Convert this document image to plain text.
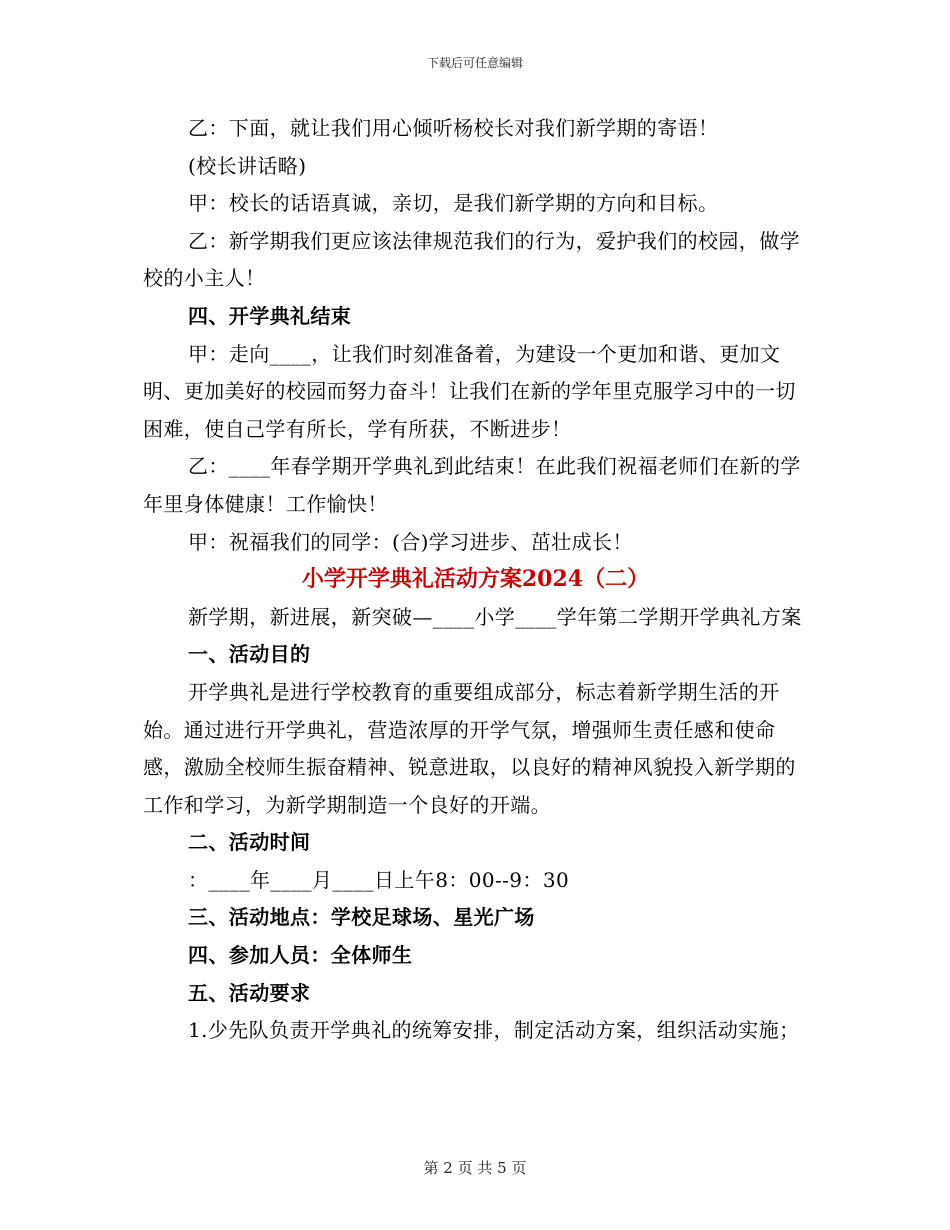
下载后可任意编辑

乙：下面，就让我们用心倾听杨校长对我们新学期的寄语！

(校长讲话略)

甲：校长的话语真诚，亲切，是我们新学期的方向和目标。

乙：新学期我们更应该法律规范我们的行为，爱护我们的校园，做学校的小主人！

四、开学典礼结束

甲：走向____，让我们时刻准备着，为建设一个更加和谐、更加文明、更加美好的校园而努力奋斗！让我们在新的学年里克服学习中的一切困难，使自己学有所长，学有所获，不断进步！

乙：____年春学期开学典礼到此结束！在此我们祝福老师们在新的学年里身体健康！工作愉快！

甲：祝福我们的同学：(合)学习进步、茁壮成长！

小学开学典礼活动方案2024（二）

新学期，新进展，新突破—____小学____学年第二学期开学典礼方案

一、活动目的

开学典礼是进行学校教育的重要组成部分，标志着新学期生活的开始。通过进行开学典礼，营造浓厚的开学气氛，增强师生责任感和使命感，激励全校师生振奋精神、锐意进取，以良好的精神风貌投入新学期的工作和学习，为新学期制造一个良好的开端。

二、活动时间

：____年____月____日上午8：00--9：30

三、活动地点：学校足球场、星光广场

四、参加人员：全体师生

五、活动要求

1.少先队负责开学典礼的统筹安排，制定活动方案，组织活动实施；

第 2 页 共 5 页
